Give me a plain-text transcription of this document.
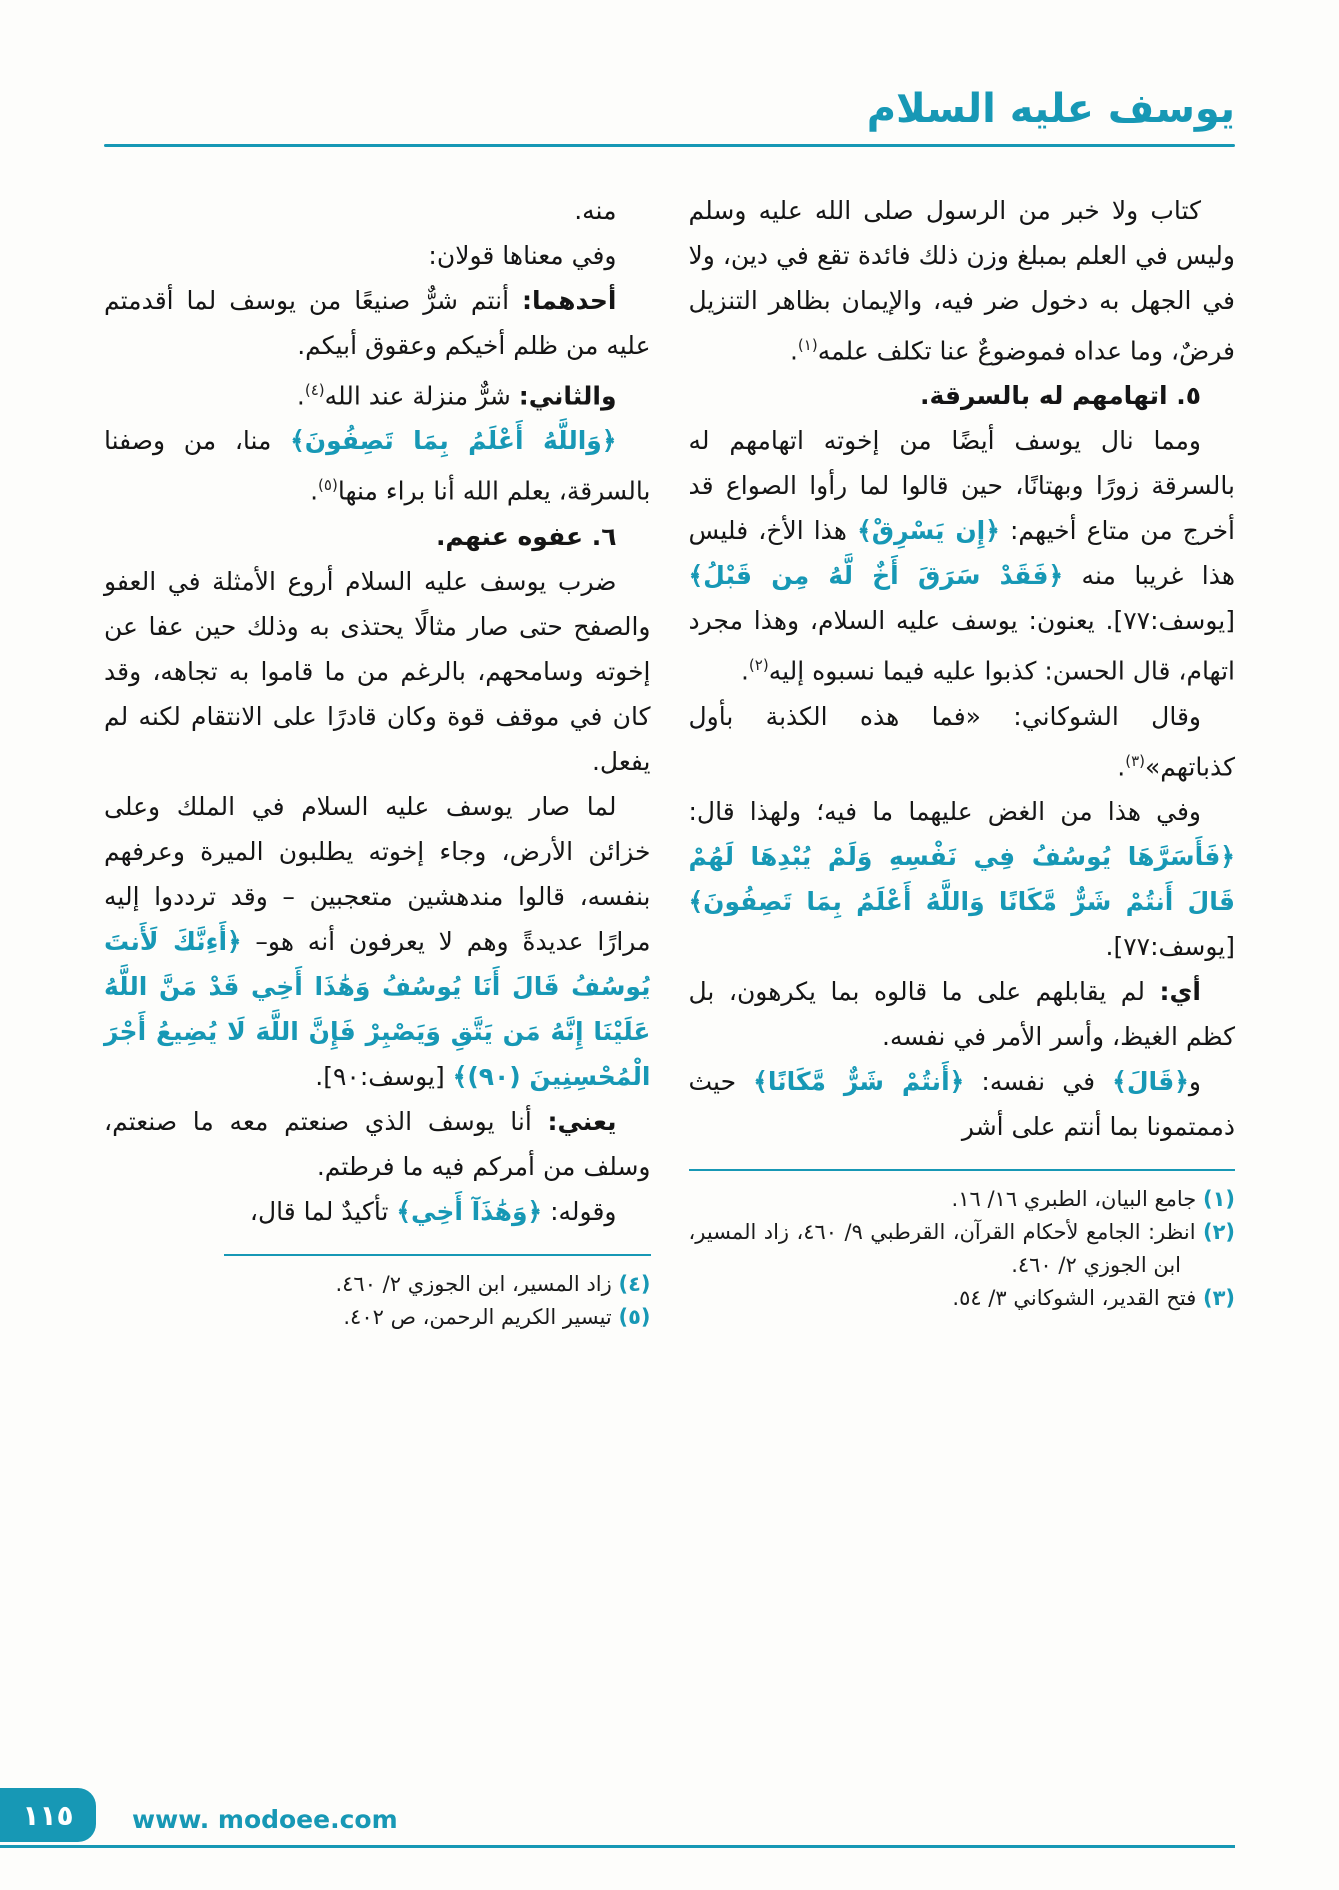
يوسف عليه السلام

كتاب ولا خبر من الرسول صلى الله عليه وسلم وليس في العلم بمبلغ وزن ذلك فائدة تقع في دين، ولا في الجهل به دخول ضر فيه، والإيمان بظاهر التنزيل فرضٌ، وما عداه فموضوعٌ عنا تكلف علمه$^{(١)}$.

٥. اتهامهم له بالسرقة.

ومما نال يوسف أيضًا من إخوته اتهامهم له بالسرقة زورًا وبهتانًا، حين قالوا لما رأوا الصواع قد أخرج من متاع أخيهم: ﴿إِن يَسْرِقْ﴾ هذا الأخ، فليس هذا غريبا منه ﴿فَقَدْ سَرَقَ أَخٌ لَّهُ مِن قَبْلُ﴾ [يوسف:٧٧]. يعنون: يوسف عليه السلام، وهذا مجرد اتهام، قال الحسن: كذبوا عليه فيما نسبوه إليه$^{(٢)}$.

وقال الشوكاني: «فما هذه الكذبة بأول كذباتهم»$^{(٣)}$.

وفي هذا من الغض عليهما ما فيه؛ ولهذا قال: ﴿فَأَسَرَّهَا يُوسُفُ فِي نَفْسِهِ وَلَمْ يُبْدِهَا لَهُمْ قَالَ أَنتُمْ شَرٌّ مَّكَانًا وَاللَّهُ أَعْلَمُ بِمَا تَصِفُونَ﴾ [يوسف:٧٧].

أي: لم يقابلهم على ما قالوه بما يكرهون، بل كظم الغيظ، وأسر الأمر في نفسه.

و﴿قَالَ﴾ في نفسه: ﴿أَنتُمْ شَرٌّ مَّكَانًا﴾ حيث ذممتمونا بما أنتم على أشر

(١) جامع البيان، الطبري ١٦/ ١٦.
(٢) انظر: الجامع لأحكام القرآن، القرطبي ٩/ ٤٦٠، زاد المسير، ابن الجوزي ٢/ ٤٦٠.
(٣) فتح القدير، الشوكاني ٣/ ٥٤.

منه.

وفي معناها قولان:

أحدهما: أنتم شرٌّ صنيعًا من يوسف لما أقدمتم عليه من ظلم أخيكم وعقوق أبيكم.

والثاني: شرٌّ منزلة عند الله$^{(٤)}$.

﴿وَاللَّهُ أَعْلَمُ بِمَا تَصِفُونَ﴾ منا، من وصفنا بالسرقة، يعلم الله أنا براء منها$^{(٥)}$.

٦. عفوه عنهم.

ضرب يوسف عليه السلام أروع الأمثلة في العفو والصفح حتى صار مثالًا يحتذى به وذلك حين عفا عن إخوته وسامحهم، بالرغم من ما قاموا به تجاهه، وقد كان في موقف قوة وكان قادرًا على الانتقام لكنه لم يفعل.

لما صار يوسف عليه السلام في الملك وعلى خزائن الأرض، وجاء إخوته يطلبون الميرة وعرفهم بنفسه، قالوا مندهشين متعجبين – وقد ترددوا إليه مرارًا عديدةً وهم لا يعرفون أنه هو– ﴿أَءِنَّكَ لَأَنتَ يُوسُفُ قَالَ أَنَا يُوسُفُ وَهَٰذَا أَخِي قَدْ مَنَّ اللَّهُ عَلَيْنَا إِنَّهُ مَن يَتَّقِ وَيَصْبِرْ فَإِنَّ اللَّهَ لَا يُضِيعُ أَجْرَ الْمُحْسِنِينَ (٩٠)﴾ [يوسف:٩٠].

يعني: أنا يوسف الذي صنعتم معه ما صنعتم، وسلف من أمركم فيه ما فرطتم.

وقوله: ﴿وَهَٰذَآ أَخِي﴾ تأكيدٌ لما قال،

(٤) زاد المسير، ابن الجوزي ٢/ ٤٦٠.
(٥) تيسير الكريم الرحمن، ص ٤٠٢.
١١٥ www. modoee.com
